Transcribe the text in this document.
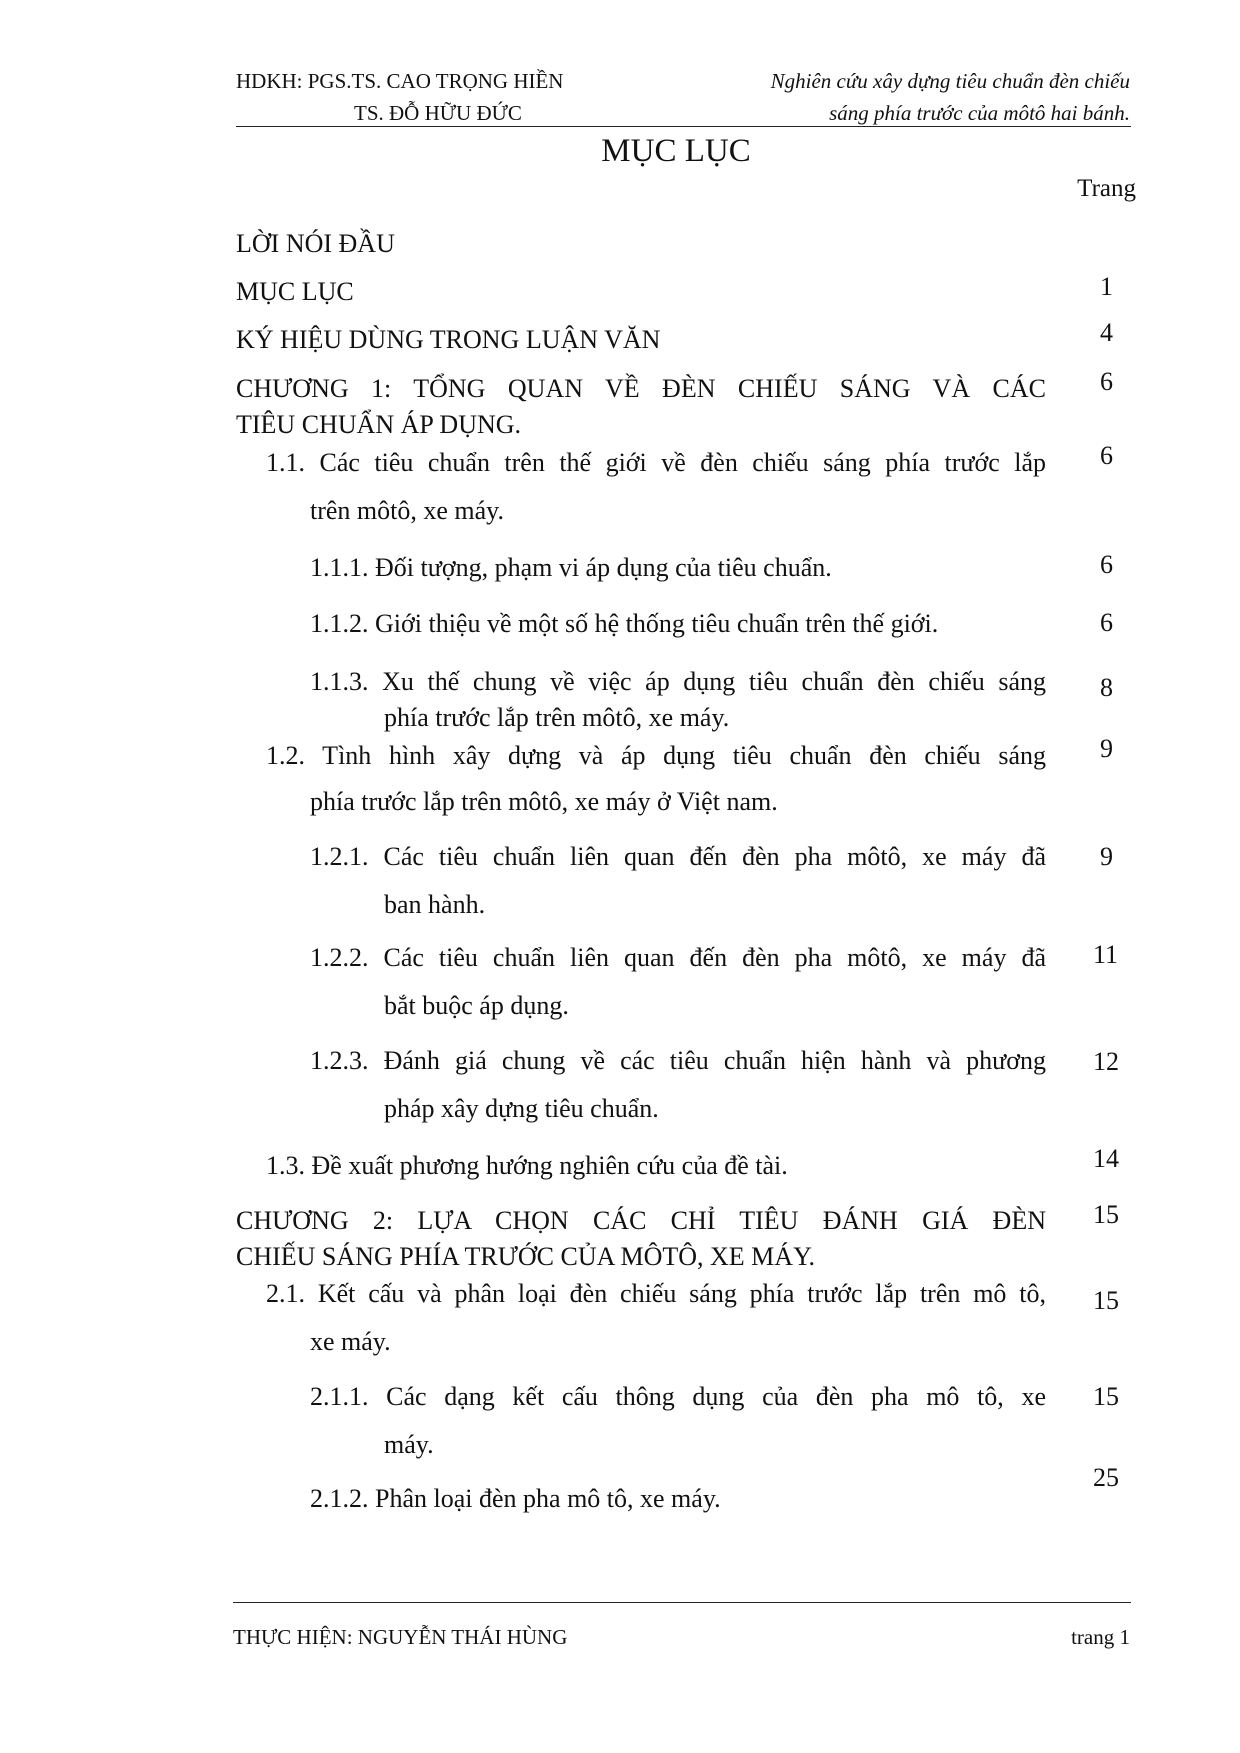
HDKH: PGS.TS. CAO TRỌNG HIỀN
TS. ĐỖ HỮU ĐỨC
Nghiên cứu xây dựng tiêu chuẩn đèn chiếu
sáng phía trước của môtô hai bánh.
MỤC LỤC
Trang
LỜI NÓI ĐẦU
MỤC LỤC	1
KÝ HIỆU DÙNG TRONG LUẬN VĂN	4
CHƯƠNG 1: TỔNG QUAN VỀ ĐÈN CHIẾU SÁNG VÀ CÁC
TIÊU CHUẨN ÁP DỤNG.
6
1.1. Các tiêu chuẩn trên thế giới về đèn chiếu sáng phía trước lắp
trên môtô, xe máy.
6
1.1.1. Đối tượng, phạm vi áp dụng của tiêu chuẩn.	6
1.1.2. Giới thiệu về một số hệ thống tiêu chuẩn trên thế giới.	6
1.1.3. Xu thế chung về việc áp dụng tiêu chuẩn đèn chiếu sáng
phía trước lắp trên môtô, xe máy.
8
1.2. Tình hình xây dựng và áp dụng tiêu chuẩn đèn chiếu sáng
phía trước lắp trên môtô, xe máy ở Việt nam.
9
1.2.1. Các tiêu chuẩn liên quan đến đèn pha môtô, xe máy đã
ban hành.
9
1.2.2. Các tiêu chuẩn liên quan đến đèn pha môtô, xe máy đã
bắt buộc áp dụng.
11
1.2.3. Đánh giá chung về các tiêu chuẩn hiện hành và phương
pháp xây dựng tiêu chuẩn.
12
1.3. Đề xuất phương hướng nghiên cứu của đề tài.	14
CHƯƠNG 2: LỰA CHỌN CÁC CHỈ TIÊU ĐÁNH GIÁ ĐÈN
CHIẾU SÁNG PHÍA TRƯỚC CỦA MÔTÔ, XE MÁY.
15
2.1. Kết cấu và phân loại đèn chiếu sáng phía trước lắp trên mô tô,
xe máy.
15
2.1.1. Các dạng kết cấu thông dụng của đèn pha mô tô, xe
máy.
15
2.1.2. Phân loại đèn pha mô tô, xe máy.
25
THỰC HIỆN: NGUYỄN THÁI HÙNG	trang 1
